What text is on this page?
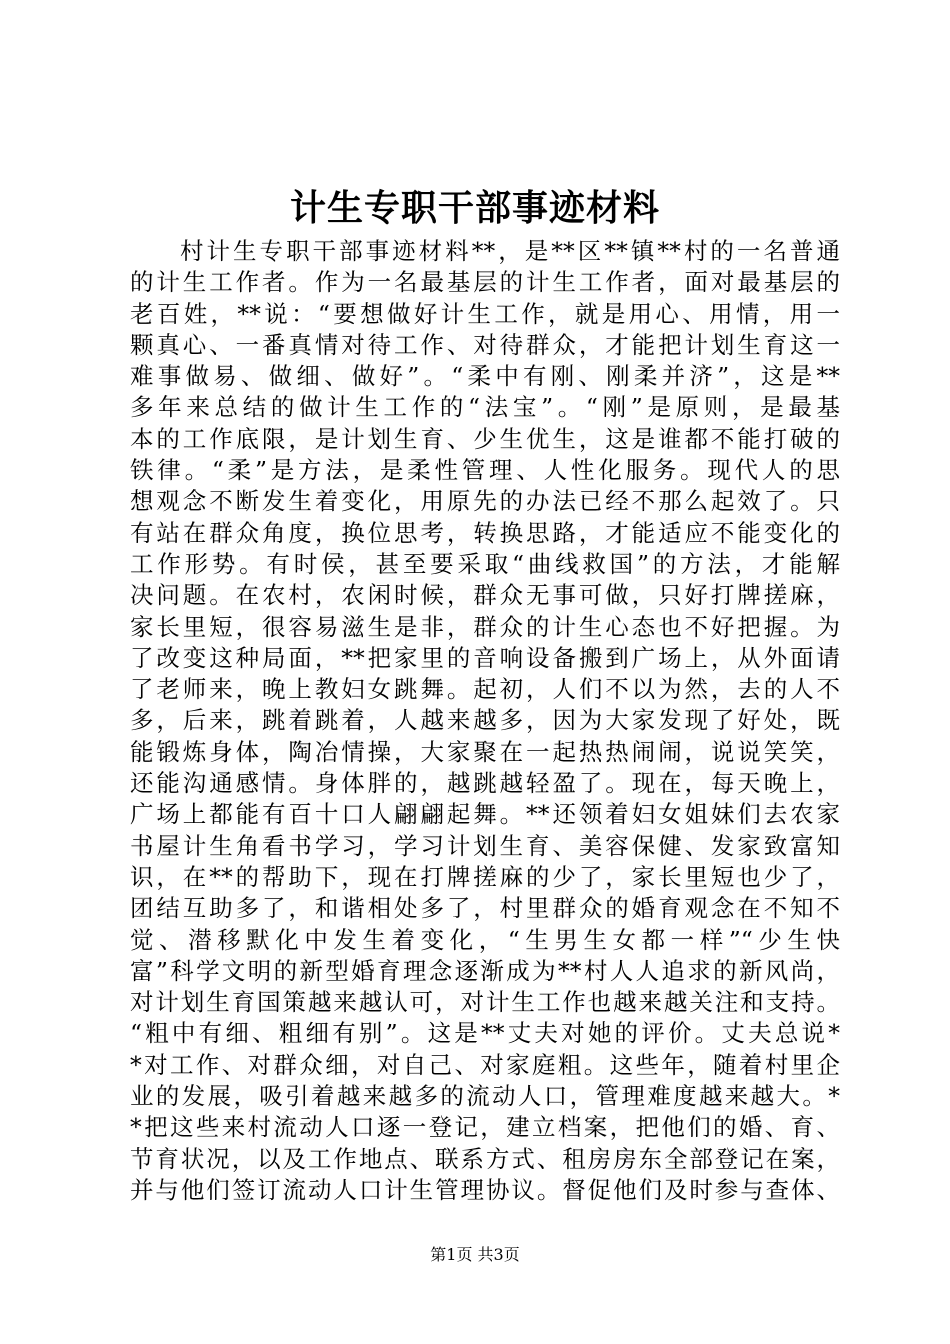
计生专职干部事迹材料
村计生专职干部事迹材料**，是**区**镇**村的一名普通
的计生工作者。作为一名最基层的计生工作者，面对最基层的
老百姓，**说：“要想做好计生工作，就是用心、用情，用一
颗真心、一番真情对待工作、对待群众，才能把计划生育这一
难事做易、做细、做好”。“柔中有刚、刚柔并济”，这是**
多年来总结的做计生工作的“法宝”。“刚”是原则，是最基
本的工作底限，是计划生育、少生优生，这是谁都不能打破的
铁律。“柔”是方法，是柔性管理、人性化服务。现代人的思
想观念不断发生着变化，用原先的办法已经不那么起效了。只
有站在群众角度，换位思考，转换思路，才能适应不能变化的
工作形势。有时侯，甚至要采取“曲线救国”的方法，才能解
决问题。在农村，农闲时候，群众无事可做，只好打牌搓麻，
家长里短，很容易滋生是非，群众的计生心态也不好把握。为
了改变这种局面，**把家里的音响设备搬到广场上，从外面请
了老师来，晚上教妇女跳舞。起初，人们不以为然，去的人不
多，后来，跳着跳着，人越来越多，因为大家发现了好处，既
能锻炼身体，陶冶情操，大家聚在一起热热闹闹，说说笑笑，
还能沟通感情。身体胖的，越跳越轻盈了。现在，每天晚上，
广场上都能有百十口人翩翩起舞。**还领着妇女姐妹们去农家
书屋计生角看书学习，学习计划生育、美容保健、发家致富知
识，在**的帮助下，现在打牌搓麻的少了，家长里短也少了，
团结互助多了，和谐相处多了，村里群众的婚育观念在不知不
觉、潜移默化中发生着变化，“生男生女都一样”“少生快
富”科学文明的新型婚育理念逐渐成为**村人人追求的新风尚，
对计划生育国策越来越认可，对计生工作也越来越关注和支持。
“粗中有细、粗细有别”。这是**丈夫对她的评价。丈夫总说*
*对工作、对群众细，对自己、对家庭粗。这些年，随着村里企
业的发展，吸引着越来越多的流动人口，管理难度越来越大。*
*把这些来村流动人口逐一登记，建立档案，把他们的婚、育、
节育状况，以及工作地点、联系方式、租房房东全部登记在案，
并与他们签订流动人口计生管理协议。督促他们及时参与查体、
第1页 共3页
